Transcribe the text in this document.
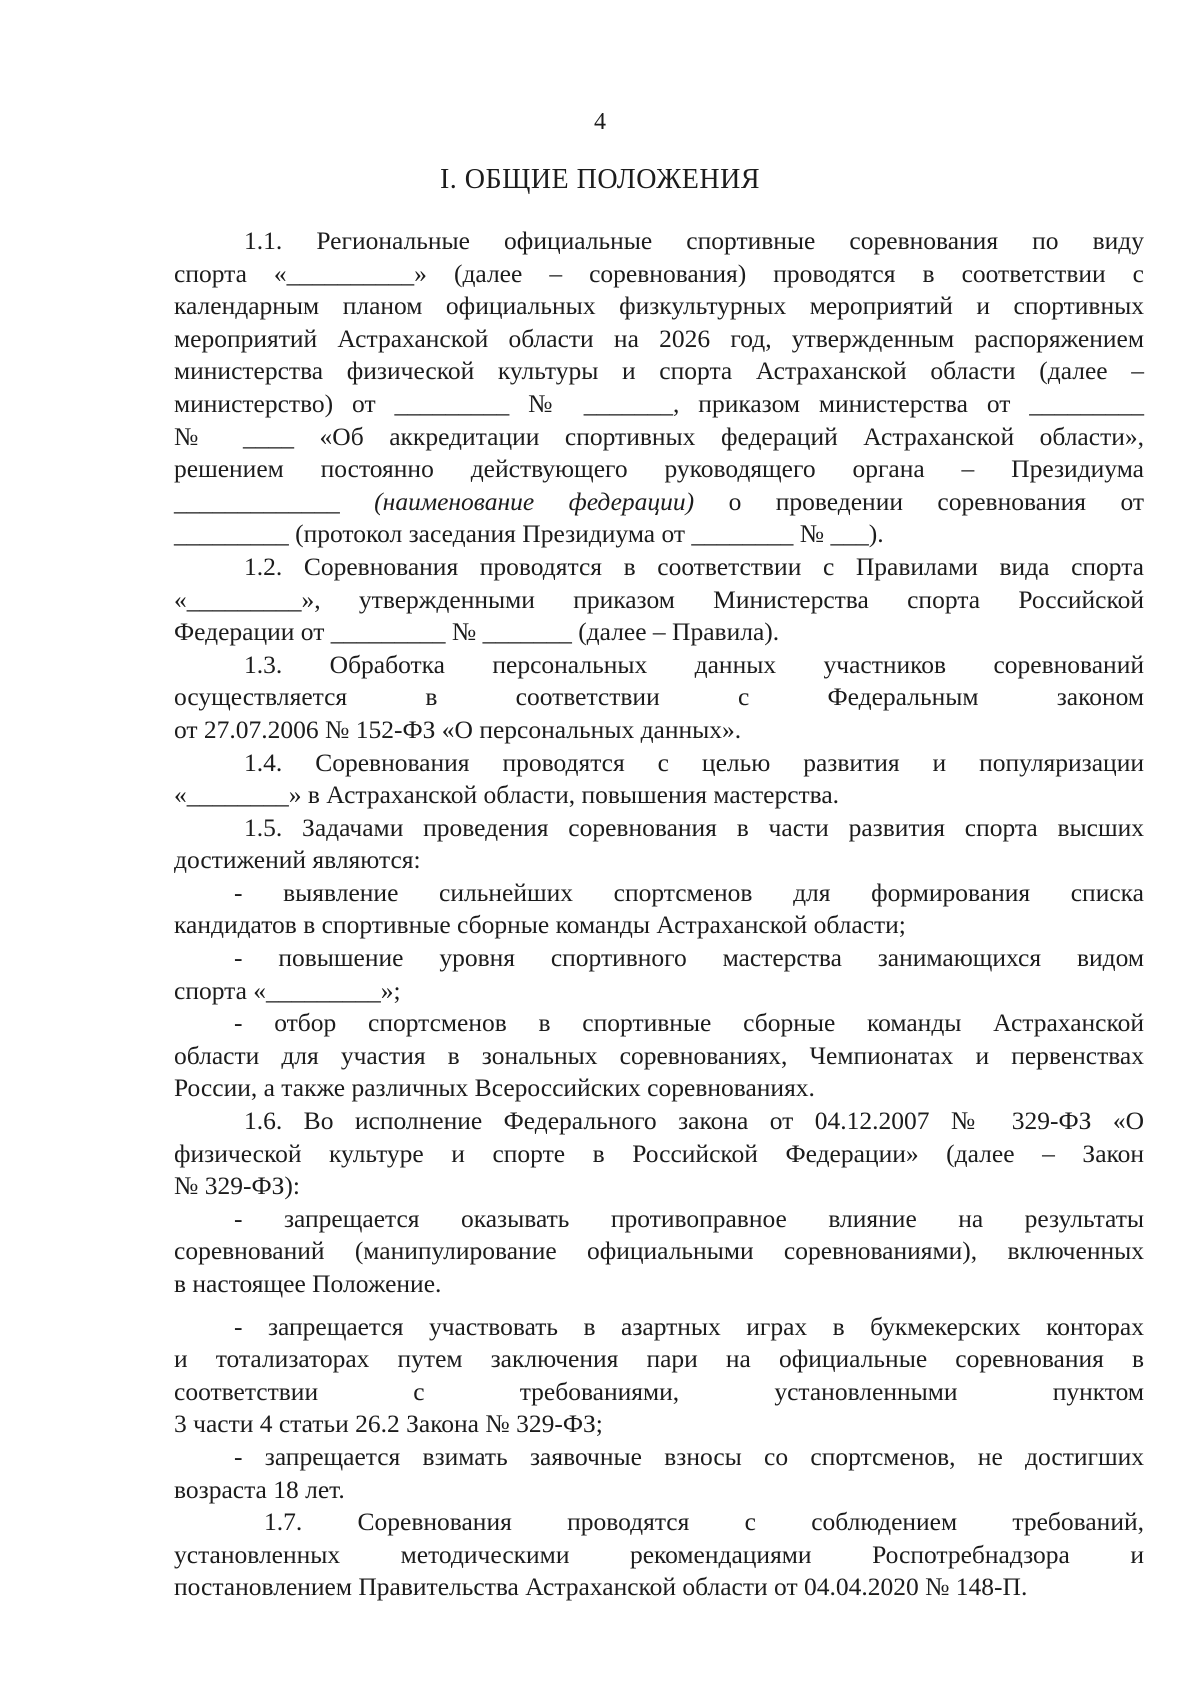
4
I. ОБЩИЕ ПОЛОЖЕНИЯ

1.1. Региональные официальные спортивные соревнования по виду
спорта «__________» (далее – соревнования) проводятся в соответствии с
календарным планом официальных физкультурных мероприятий и спортивных
мероприятий Астраханской области на 2026 год, утвержденным распоряжением
министерства физической культуры и спорта Астраханской области (далее –
министерство) от _________ № _______, приказом министерства от _________
№ ____ «Об аккредитации спортивных федераций Астраханской области»,
решением постоянно действующего руководящего органа – Президиума
_____________ (наименование федерации) о проведении соревнования от
_________ (протокол заседания Президиума от ________ № ___).

1.2. Соревнования проводятся в соответствии с Правилами вида спорта
«_________», утвержденными приказом Министерства спорта Российской
Федерации от _________ № _______ (далее – Правила).

1.3. Обработка персональных данных участников соревнований
осуществляется в соответствии с Федеральным законом
от 27.07.2006 № 152-ФЗ «О персональных данных».

1.4. Соревнования проводятся с целью развития и популяризации
«________» в Астраханской области, повышения мастерства.

1.5. Задачами проведения соревнования в части развития спорта высших
достижений являются:

- выявление сильнейших спортсменов для формирования списка
кандидатов в спортивные сборные команды Астраханской области;

- повышение уровня спортивного мастерства занимающихся видом
спорта «_________»;

- отбор спортсменов в спортивные сборные команды Астраханской
области для участия в зональных соревнованиях, Чемпионатах и первенствах
России, а также различных Всероссийских соревнованиях.

1.6. Во исполнение Федерального закона от 04.12.2007 № 329-ФЗ «О
физической культуре и спорте в Российской Федерации» (далее – Закон
№ 329-ФЗ):

- запрещается оказывать противоправное влияние на результаты
соревнований (манипулирование официальными соревнованиями), включенных
в настоящее Положение.

- запрещается участвовать в азартных играх в букмекерских конторах
и тотализаторах путем заключения пари на официальные соревнования в
соответствии с требованиями, установленными пунктом
3 части 4 статьи 26.2 Закона № 329-ФЗ;

- запрещается взимать заявочные взносы со спортсменов, не достигших
возраста 18 лет.

1.7. Соревнования проводятся с соблюдением требований,
установленных методическими рекомендациями Роспотребнадзора и
постановлением Правительства Астраханской области от 04.04.2020 № 148-П.
